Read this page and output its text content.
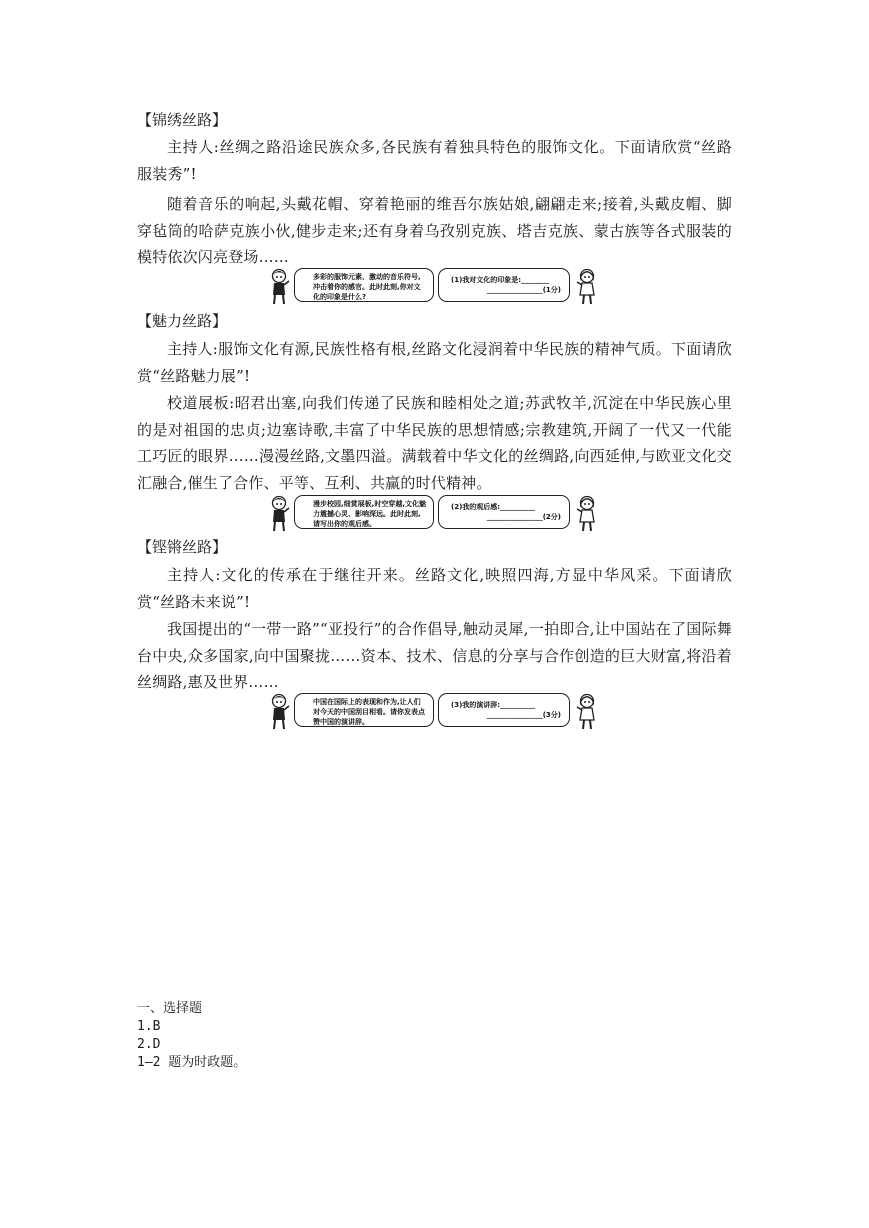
【锦绣丝路】
主持人:丝绸之路沿途民族众多,各民族有着独具特色的服饰文化。下面请欣赏“丝路服装秀”!
随着音乐的响起,头戴花帽、穿着艳丽的维吾尔族姑娘,翩翩走来;接着,头戴皮帽、脚穿毡筒的哈萨克族小伙,健步走来;还有身着乌孜别克族、塔吉克族、蒙古族等各式服装的模特依次闪亮登场……
多彩的服饰元素、激动的音乐符号,冲击着你的感官。此时此刻,你对文化的印象是什么?
(1)我对文化的印象是:________
________________(1分)
【魅力丝路】
主持人:服饰文化有源,民族性格有根,丝路文化浸润着中华民族的精神气质。下面请欣赏“丝路魅力展”!
校道展板:昭君出塞,向我们传递了民族和睦相处之道;苏武牧羊,沉淀在中华民族心里的是对祖国的忠贞;边塞诗歌,丰富了中华民族的思想情感;宗教建筑,开阔了一代又一代能工巧匠的眼界……漫漫丝路,文墨四溢。满载着中华文化的丝绸路,向西延伸,与欧亚文化交汇融合,催生了合作、平等、互利、共赢的时代精神。
漫步校园,细赏展板,时空穿越,文化魅力震撼心灵、影响深远。此时此刻,请写出你的观后感。
(2)我的观后感:__________
________________(2分)
【铿锵丝路】
主持人:文化的传承在于继往开来。丝路文化,映照四海,方显中华风采。下面请欣赏“丝路未来说”!
我国提出的“一带一路”“亚投行”的合作倡导,触动灵犀,一拍即合,让中国站在了国际舞台中央,众多国家,向中国聚拢……资本、技术、信息的分享与合作创造的巨大财富,将沿着丝绸路,惠及世界……
中国在国际上的表现和作为,让人们对今天的中国刮目相看。请你发表点赞中国的演讲辞。
(3)我的演讲辞:__________
________________(3分)
一、选择题
1.B
2.D
1—2 题为时政题。
